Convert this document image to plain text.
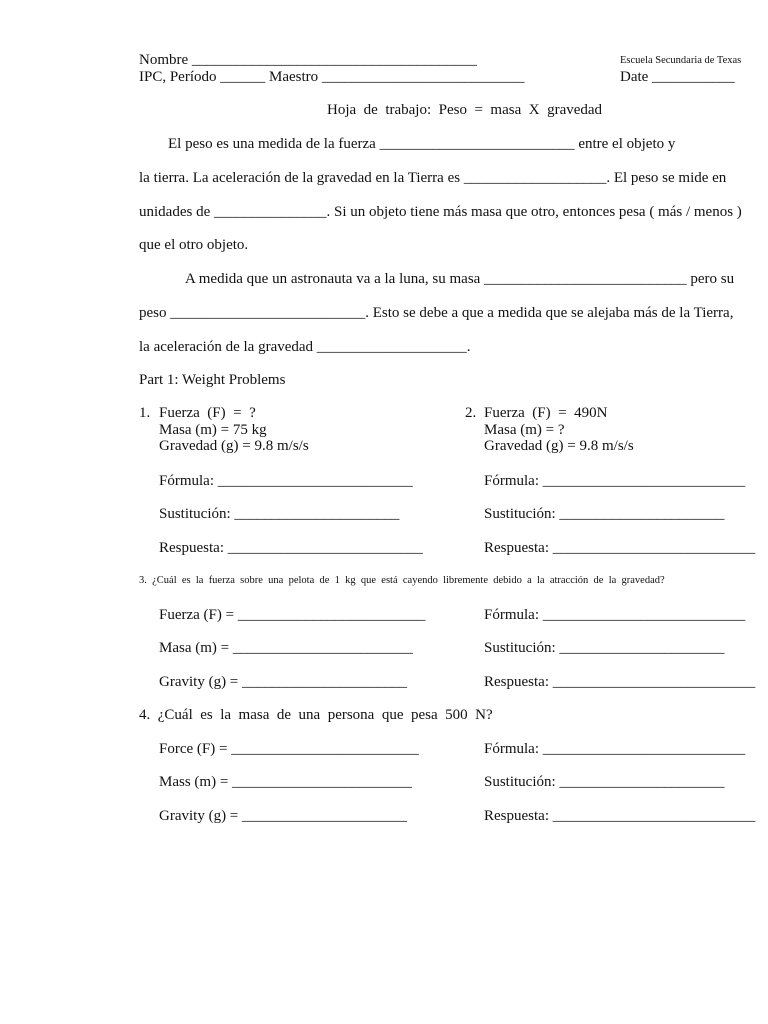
Nombre ______________________________________	Escuela Secundaria de Texas
IPC, Período ______ Maestro ___________________________	Date ___________
Hoja  de  trabajo:  Peso  =  masa  X  gravedad
El peso es una medida de la fuerza __________________________ entre el objeto y
la tierra. La aceleración de la gravedad en la Tierra es ___________________. El peso se mide en
unidades de _______________. Si un objeto tiene más masa que otro, entonces pesa ( más / menos )
que el otro objeto.
A medida que un astronauta va a la luna, su masa ___________________________ pero su
peso __________________________. Esto se debe a que a medida que se alejaba más de la Tierra,
la aceleración de la gravedad ____________________.
Part 1: Weight Problems
1. Fuerza  (F)  =  ?
Masa (m) = 75 kg
Gravedad (g) = 9.8 m/s/s
Fórmula: __________________________
Sustitución: ______________________
Respuesta: __________________________
2. Fuerza  (F)  =  490N
Masa (m) = ?
Gravedad (g) = 9.8 m/s/s
Fórmula: ___________________________
Sustitución: ______________________
Respuesta: ___________________________
3.  ¿Cuál  es  la  fuerza  sobre  una  pelota  de  1  kg  que  está  cayendo  libremente  debido  a  la  atracción  de  la  gravedad?
Fuerza (F) = _________________________
Masa (m) = ________________________
Gravity (g) = ______________________
Fórmula: ___________________________
Sustitución: ______________________
Respuesta: ___________________________
4.  ¿Cuál  es  la  masa  de  una  persona  que  pesa  500  N?
Force (F) = _________________________
Mass (m) = ________________________
Gravity (g) = ______________________
Fórmula: ___________________________
Sustitución: ______________________
Respuesta: ___________________________
